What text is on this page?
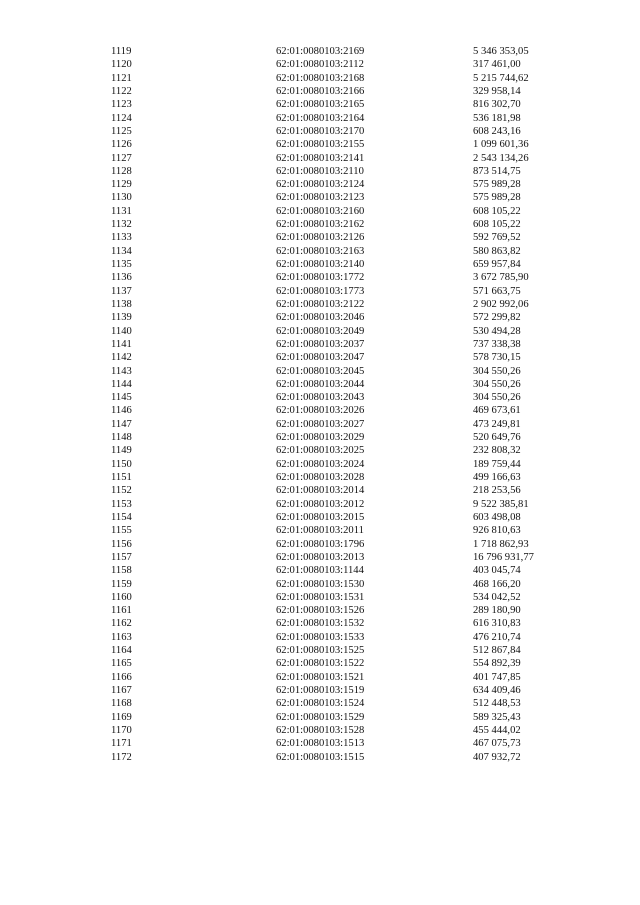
1119	62:01:0080103:2169	5 346 353,05
1120	62:01:0080103:2112	317 461,00
1121	62:01:0080103:2168	5 215 744,62
1122	62:01:0080103:2166	329 958,14
1123	62:01:0080103:2165	816 302,70
1124	62:01:0080103:2164	536 181,98
1125	62:01:0080103:2170	608 243,16
1126	62:01:0080103:2155	1 099 601,36
1127	62:01:0080103:2141	2 543 134,26
1128	62:01:0080103:2110	873 514,75
1129	62:01:0080103:2124	575 989,28
1130	62:01:0080103:2123	575 989,28
1131	62:01:0080103:2160	608 105,22
1132	62:01:0080103:2162	608 105,22
1133	62:01:0080103:2126	592 769,52
1134	62:01:0080103:2163	580 863,82
1135	62:01:0080103:2140	659 957,84
1136	62:01:0080103:1772	3 672 785,90
1137	62:01:0080103:1773	571 663,75
1138	62:01:0080103:2122	2 902 992,06
1139	62:01:0080103:2046	572 299,82
1140	62:01:0080103:2049	530 494,28
1141	62:01:0080103:2037	737 338,38
1142	62:01:0080103:2047	578 730,15
1143	62:01:0080103:2045	304 550,26
1144	62:01:0080103:2044	304 550,26
1145	62:01:0080103:2043	304 550,26
1146	62:01:0080103:2026	469 673,61
1147	62:01:0080103:2027	473 249,81
1148	62:01:0080103:2029	520 649,76
1149	62:01:0080103:2025	232 808,32
1150	62:01:0080103:2024	189 759,44
1151	62:01:0080103:2028	499 166,63
1152	62:01:0080103:2014	218 253,56
1153	62:01:0080103:2012	9 522 385,81
1154	62:01:0080103:2015	603 498,08
1155	62:01:0080103:2011	926 810,63
1156	62:01:0080103:1796	1 718 862,93
1157	62:01:0080103:2013	16 796 931,77
1158	62:01:0080103:1144	403 045,74
1159	62:01:0080103:1530	468 166,20
1160	62:01:0080103:1531	534 042,52
1161	62:01:0080103:1526	289 180,90
1162	62:01:0080103:1532	616 310,83
1163	62:01:0080103:1533	476 210,74
1164	62:01:0080103:1525	512 867,84
1165	62:01:0080103:1522	554 892,39
1166	62:01:0080103:1521	401 747,85
1167	62:01:0080103:1519	634 409,46
1168	62:01:0080103:1524	512 448,53
1169	62:01:0080103:1529	589 325,43
1170	62:01:0080103:1528	455 444,02
1171	62:01:0080103:1513	467 075,73
1172	62:01:0080103:1515	407 932,72
